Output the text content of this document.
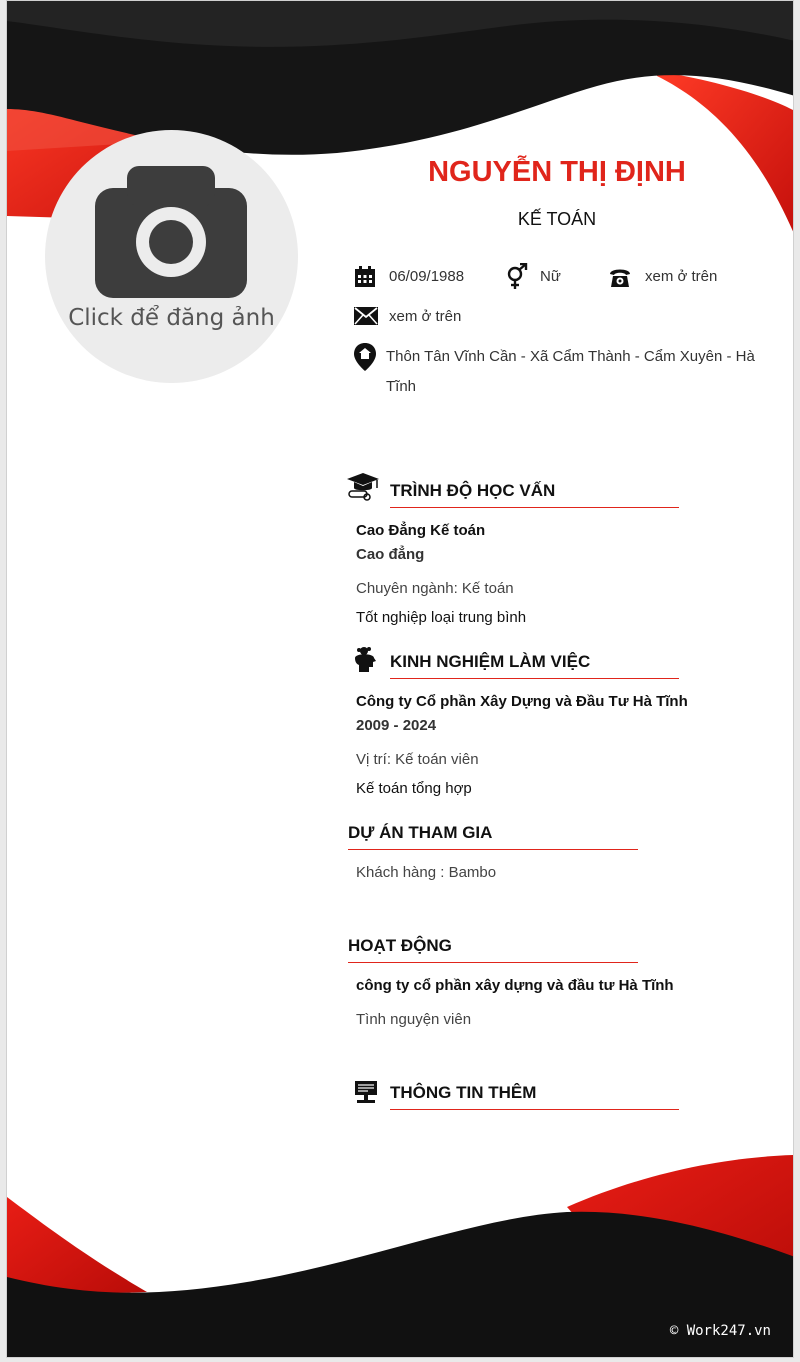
Click để đăng ảnh
NGUYỄN THỊ ĐỊNH
KẾ TOÁN
06/09/1988	Nữ	xem ở trên
xem ở trên
Thôn Tân Vĩnh Cần - Xã Cẩm Thành - Cẩm Xuyên - Hà
Tĩnh
TRÌNH ĐỘ HỌC VẤN
Cao Đẳng Kế toán
Cao đẳng
Chuyên ngành: Kế toán
Tốt nghiệp loại trung bình
KINH NGHIỆM LÀM VIỆC
Công ty Cổ phần Xây Dựng và Đầu Tư Hà Tĩnh
2009 - 2024
Vị trí: Kế toán viên
Kế toán tổng hợp
DỰ ÁN THAM GIA
Khách hàng : Bambo
HOẠT ĐỘNG
công ty cổ phần xây dựng và đầu tư Hà Tĩnh
Tình nguyện viên
THÔNG TIN THÊM
© Work247.vn
